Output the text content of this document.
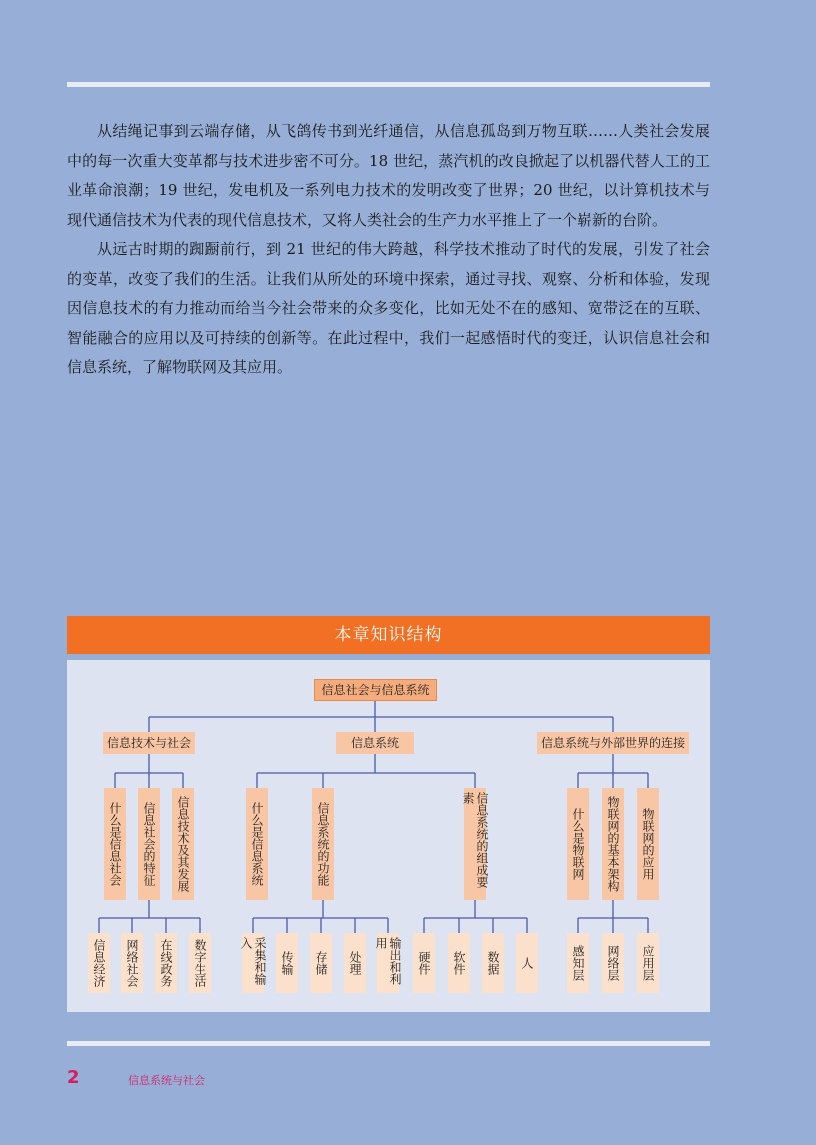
从结绳记事到云端存储，从飞鸽传书到光纤通信，从信息孤岛到万物互联……人类社会发展中的每一次重大变革都与技术进步密不可分。18 世纪，蒸汽机的改良掀起了以机器代替人工的工业革命浪潮；19 世纪，发电机及一系列电力技术的发明改变了世界；20 世纪，以计算机技术与现代通信技术为代表的现代信息技术，又将人类社会的生产力水平推上了一个崭新的台阶。

从远古时期的踟蹰前行，到 21 世纪的伟大跨越，科学技术推动了时代的发展，引发了社会的变革，改变了我们的生活。让我们从所处的环境中探索，通过寻找、观察、分析和体验，发现因信息技术的有力推动而给当今社会带来的众多变化，比如无处不在的感知、宽带泛在的互联、智能融合的应用以及可持续的创新等。在此过程中，我们一起感悟时代的变迁，认识信息社会和信息系统，了解物联网及其应用。

本章知识结构
信息社会与信息系统
信息技术与社会	信息系统	信息系统与外部世界的连接
什么是信息社会	信息社会的特征	信息技术及其发展	什么是信息系统	信息系统的功能	信息系统的组成要素
什么是物联网	物联网的基本架构	物联网的应用
信息经济	网络社会	在线政务	数字生活	采集和输入
传输	存储	处理	输出和利用
硬件	软件	数据	人	感知层	网络层	应用层
2	信息系统与社会
